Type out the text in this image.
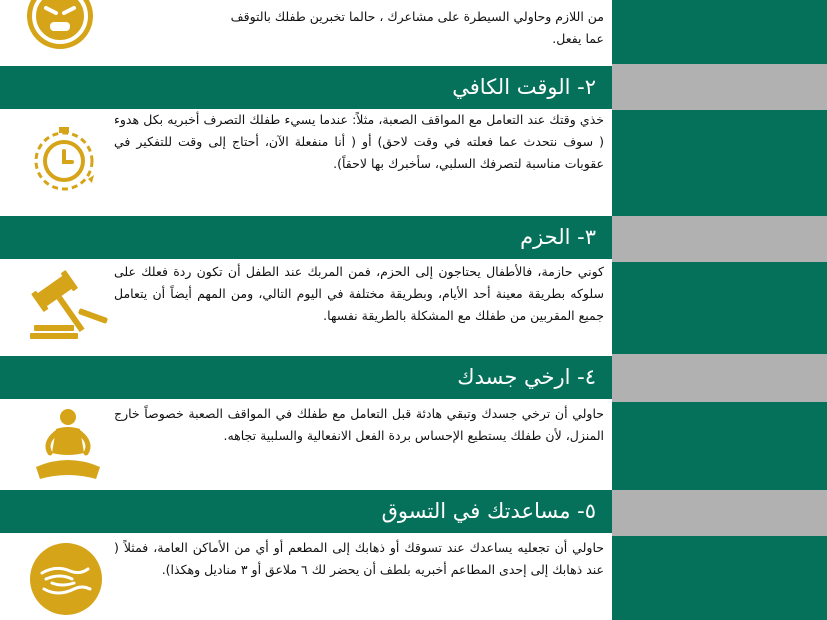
من اللازم وحاولي السيطرة على مشاعرك ، حالما تخبرين طفلك بالتوقف
عما يفعل.
٢- الوقت الكافي
خذي وقتك عند التعامل مع المواقف الصعبة، مثلاً: عندما يسيء طفلك التصرف أخبريه بكل هدوء ( سوف نتحدث عما فعلته في وقت لاحق) أو ( أنا منفعلة الآن، أحتاج إلى وقت للتفكير في عقوبات مناسبة لتصرفك السلبي، سأخبرك بها لاحقاً).
٣- الحزم
كوني حازمة، فالأطفال يحتاجون إلى الحزم، فمن المربك عند الطفل أن تكون ردة فعلك على سلوكه بطريقة معينة أحد الأيام، وبطريقة مختلفة في اليوم التالي، ومن المهم أيضاً أن يتعامل جميع المقربين من طفلك مع المشكلة بالطريقة نفسها.
٤- ارخي جسدك
حاولي أن ترخي جسدك وتبقي هادئة قبل التعامل مع طفلك في المواقف الصعبة خصوصاً خارج المنزل، لأن طفلك يستطيع الإحساس بردة الفعل الانفعالية والسلبية تجاهه.
٥- مساعدتك في التسوق
حاولي أن تجعليه يساعدك عند تسوقك أو ذهابك إلى المطعم أو أي من الأماكن العامة، فمثلاً ( عند ذهابك إلى إحدى المطاعم أخبريه بلطف أن يحضر لك ٦ ملاعق أو ٣ مناديل وهكذا).
